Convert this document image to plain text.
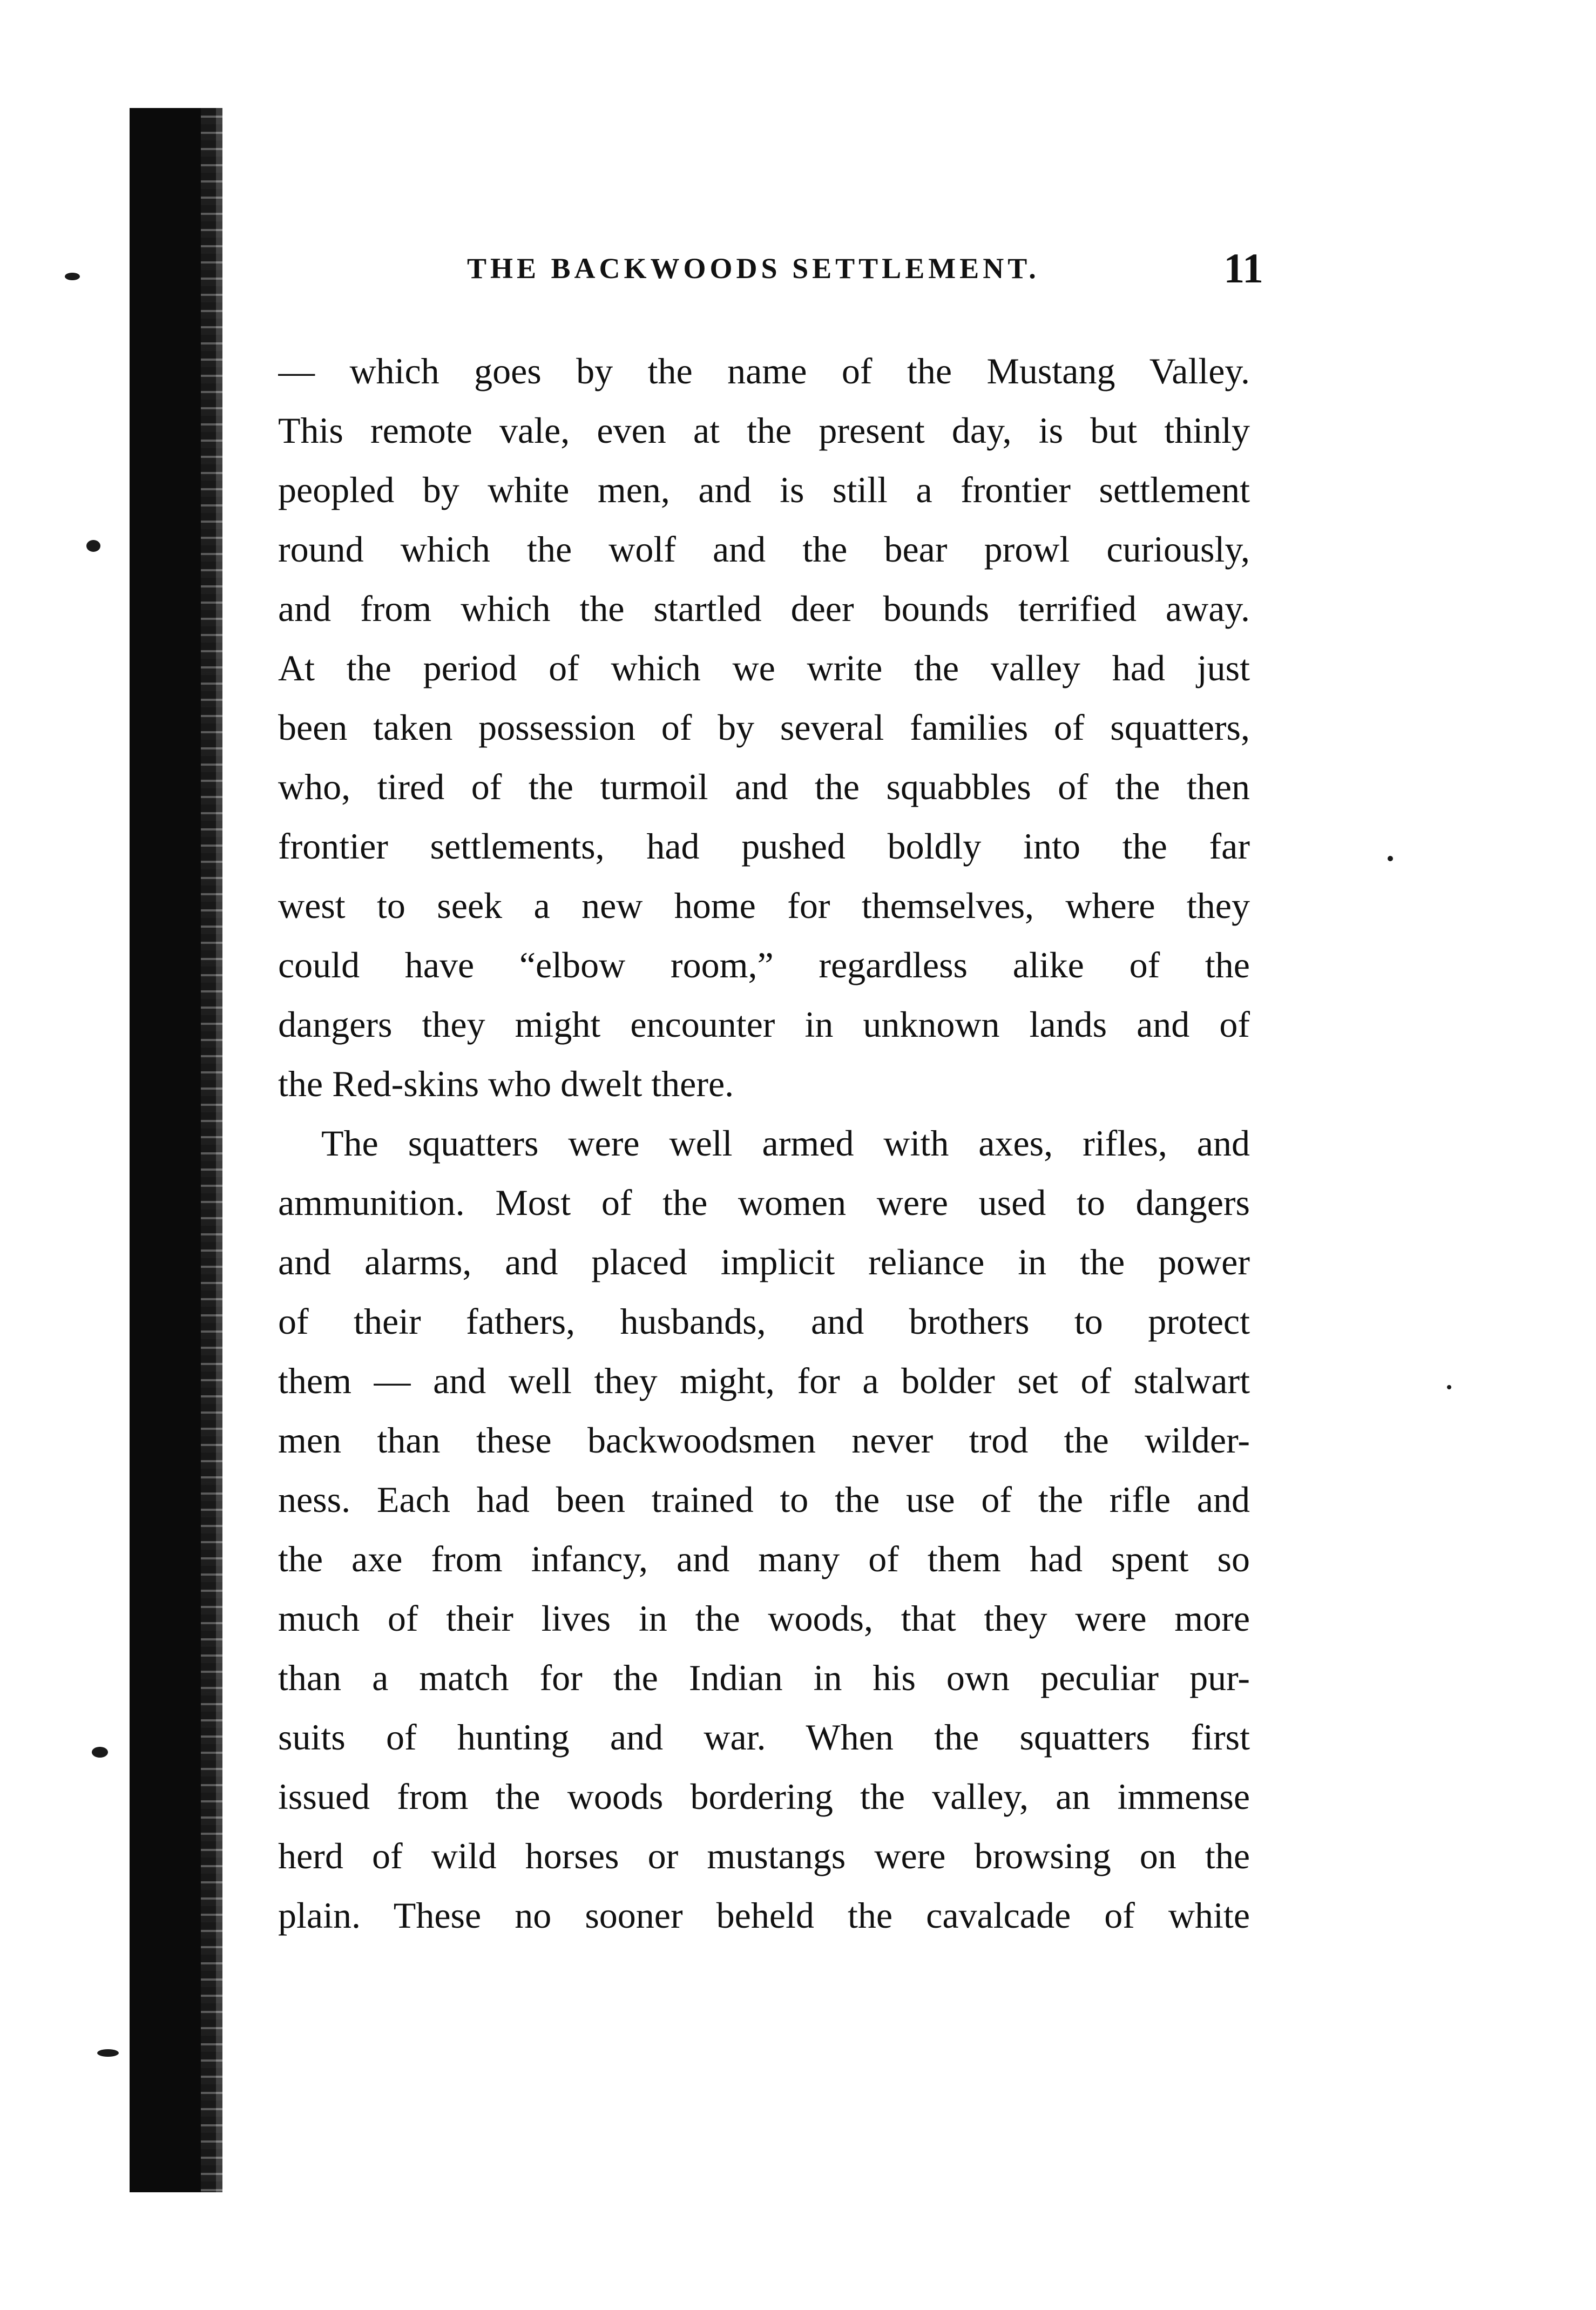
THE BACKWOODS SETTLEMENT.	11
— which goes by the name of the Mustang Valley.
This remote vale, even at the present day, is but thinly
peopled by white men, and is still a frontier settlement
round which the wolf and the bear prowl curiously,
and from which the startled deer bounds terrified away.
At the period of which we write the valley had just
been taken possession of by several families of squatters,
who, tired of the turmoil and the squabbles of the then
frontier settlements, had pushed boldly into the far
west to seek a new home for themselves, where they
could have “elbow room,” regardless alike of the
dangers they might encounter in unknown lands and of
the Red-skins who dwelt there.
The squatters were well armed with axes, rifles, and
ammunition. Most of the women were used to dangers
and alarms, and placed implicit reliance in the power
of their fathers, husbands, and brothers to protect
them — and well they might, for a bolder set of stalwart
men than these backwoodsmen never trod the wilder-
ness. Each had been trained to the use of the rifle and
the axe from infancy, and many of them had spent so
much of their lives in the woods, that they were more
than a match for the Indian in his own peculiar pur-
suits of hunting and war. When the squatters first
issued from the woods bordering the valley, an immense
herd of wild horses or mustangs were browsing on the
plain. These no sooner beheld the cavalcade of white
